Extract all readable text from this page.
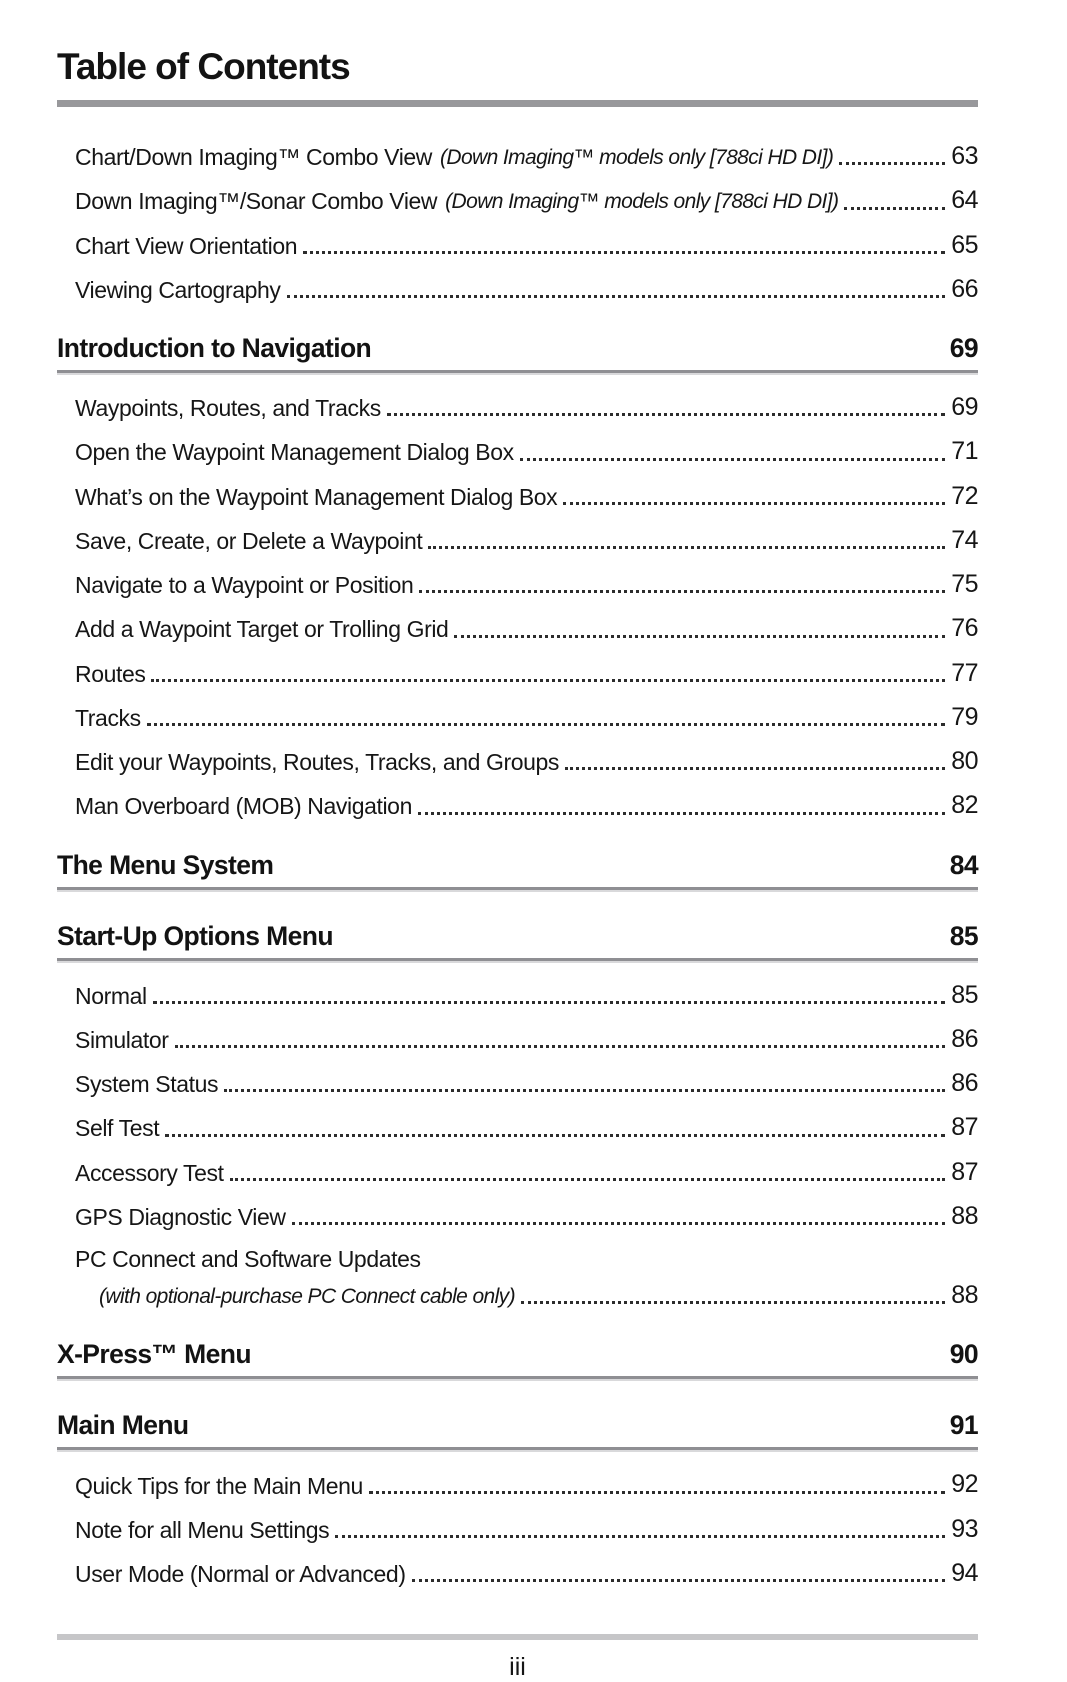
Table of Contents
Chart/Down Imaging™ Combo View (Down Imaging™ models only [788ci HD DI])	63
Down Imaging™/Sonar Combo View (Down Imaging™ models only [788ci HD DI])	64
Chart View Orientation	65
Viewing Cartography	66
Introduction to Navigation	69
Waypoints, Routes, and Tracks	69
Open the Waypoint Management Dialog Box	71
What’s on the Waypoint Management Dialog Box	72
Save, Create, or Delete a Waypoint	74
Navigate to a Waypoint or Position	75
Add a Waypoint Target or Trolling Grid	76
Routes	77
Tracks	79
Edit your Waypoints, Routes, Tracks, and Groups	80
Man Overboard (MOB) Navigation	82
The Menu System	84
Start-Up Options Menu	85
Normal	85
Simulator	86
System Status	86
Self Test	87
Accessory Test	87
GPS Diagnostic View	88
PC Connect and Software Updates
(with optional-purchase PC Connect cable only)	88
X-Press™ Menu	90
Main Menu	91
Quick Tips for the Main Menu	92
Note for all Menu Settings	93
User Mode (Normal or Advanced)	94
iii
